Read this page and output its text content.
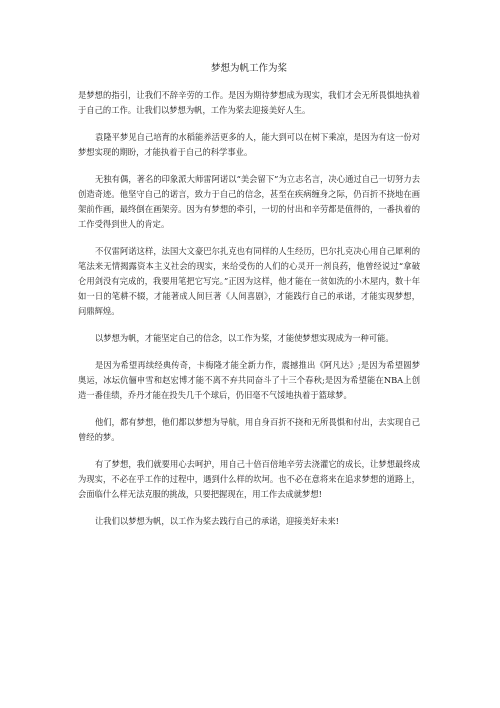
梦想为帆工作为桨

是梦想的指引，让我们不辞辛劳的工作。是因为期待梦想成为现实，我们才会无所畏惧地执着于自己的工作。让我们以梦想为帆，工作为桨去迎接美好人生。

袁隆平梦见自己培育的水稻能养活更多的人，能大到可以在树下乘凉，是因为有这一份对梦想实现的期盼，才能执着于自己的科学事业。

无独有偶，著名的印象派大师雷阿诺以“美会留下”为立志名言，决心通过自己一切努力去创造奇迹。他坚守自己的诺言，致力于自己的信念，甚至在疾病缠身之际，仍百折不挠地在画架前作画，最终倒在画架旁。因为有梦想的牵引，一切的付出和辛劳都是值得的，一番执着的工作受得到世人的肯定。

不仅雷阿诺这样，法国大文豪巴尔扎克也有同样的人生经历，巴尔扎克决心用自己犀利的笔法来无情揭露资本主义社会的现实，来给受伤的人们的心灵开一剂良药，他曾经说过“拿破仑用剑没有完成的，我要用笔把它写完。”正因为这样，他才能在一贫如洗的小木屋内，数十年如一日的笔耕不辍，才能著成人间巨著《人间喜剧》，才能践行自己的承诺，才能实现梦想，问鼎辉煌。

以梦想为帆，才能坚定自己的信念，以工作为桨，才能使梦想实现成为一种可能。

是因为希望再续经典传奇，卡梅隆才能全新力作，震撼推出《阿凡达》;是因为希望圆梦奥运，冰坛伉俪申雪和赵宏博才能不离不弃共同奋斗了十三个春秋;是因为希望能在NBA上创造一番佳绩，乔丹才能在投失几千个球后，仍旧毫不气馁地执着于篮球梦。

他们，都有梦想，他们都以梦想为导航，用自身百折不挠和无所畏惧和付出，去实现自己曾经的梦。

有了梦想，我们就要用心去呵护，用自己十倍百倍地辛劳去浇灌它的成长，让梦想最终成为现实，不必在乎工作的过程中，遇到什么样的坎坷。也不必在意将来在追求梦想的道路上，会面临什么样无法克服的挑战，只要把握现在，用工作去成就梦想!

让我们以梦想为帆，以工作为桨去践行自己的承诺，迎接美好未来!
